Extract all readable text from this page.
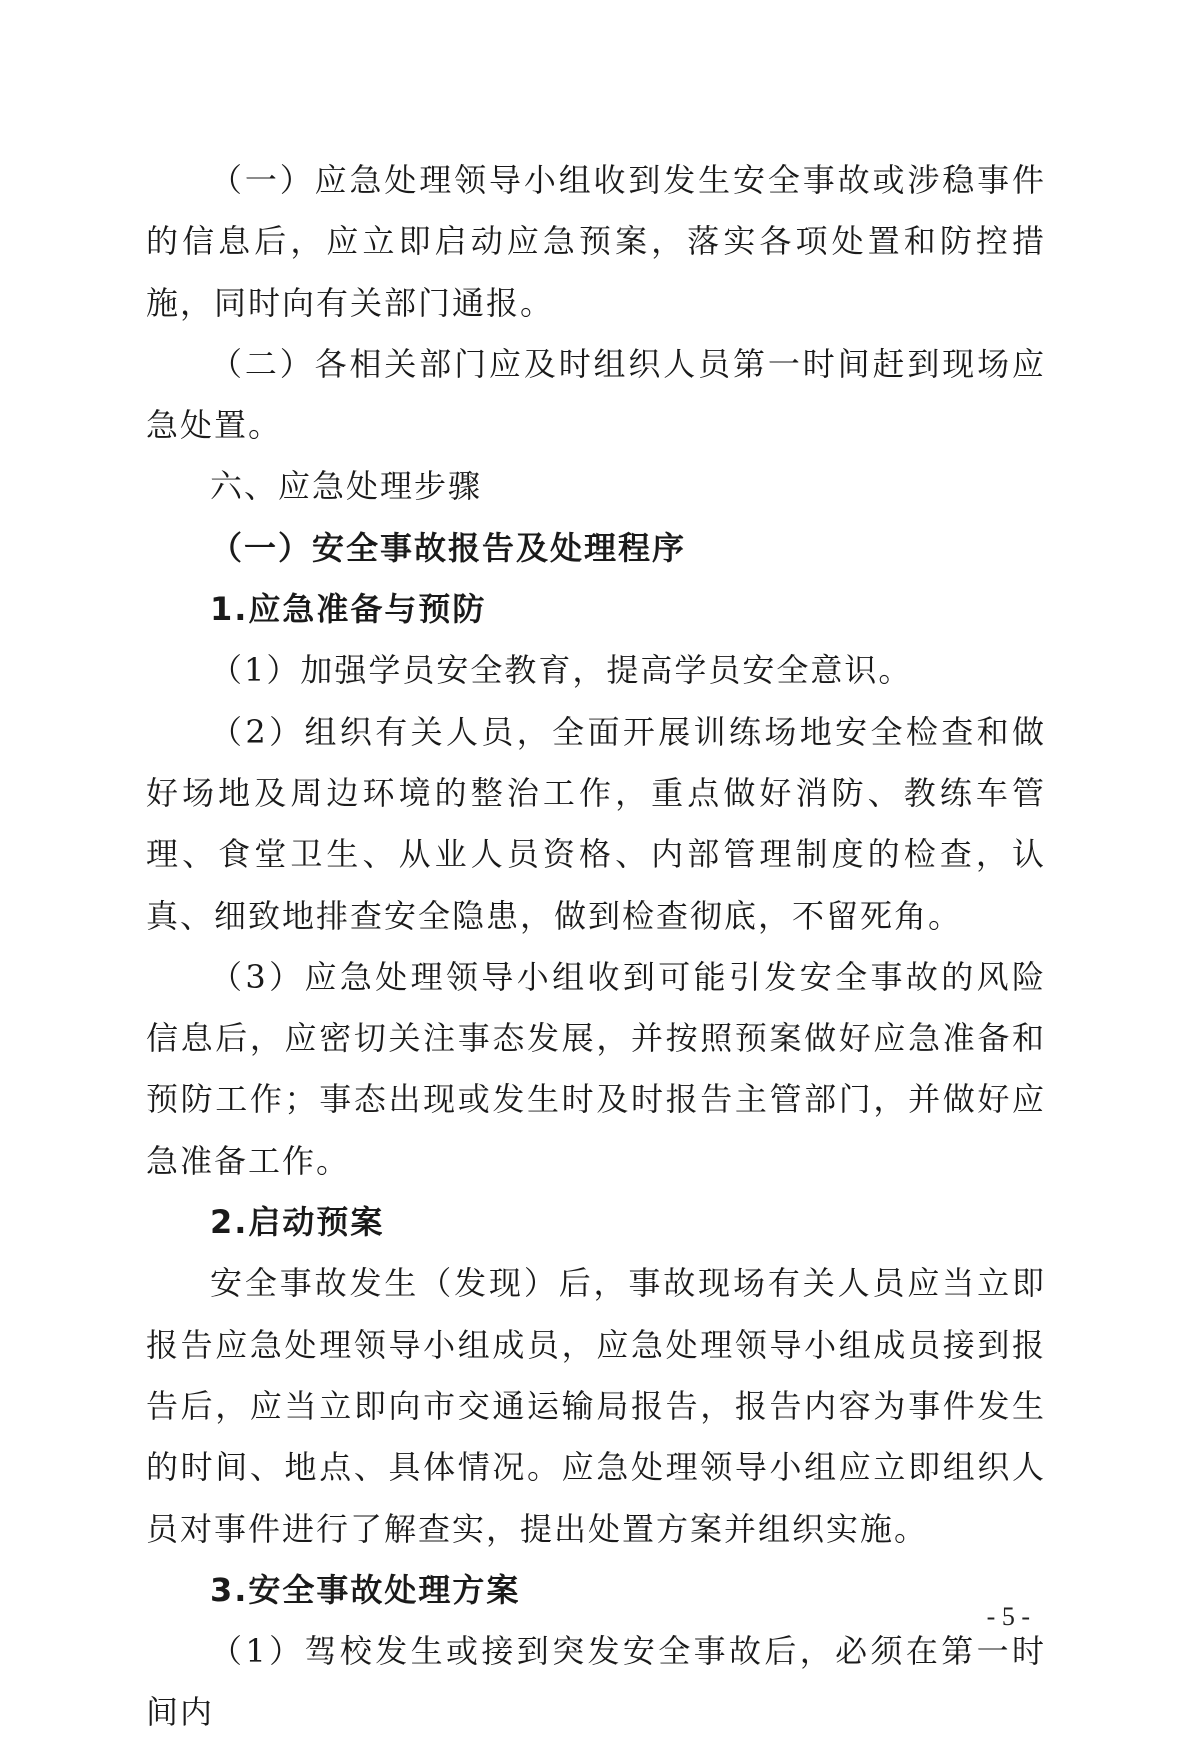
（一）应急处理领导小组收到发生安全事故或涉稳事件的信息后，应立即启动应急预案，落实各项处置和防控措施，同时向有关部门通报。

（二）各相关部门应及时组织人员第一时间赶到现场应急处置。

六、应急处理步骤

（一）安全事故报告及处理程序

1.应急准备与预防

（1）加强学员安全教育，提高学员安全意识。

（2）组织有关人员，全面开展训练场地安全检查和做好场地及周边环境的整治工作，重点做好消防、教练车管理、食堂卫生、从业人员资格、内部管理制度的检查，认真、细致地排查安全隐患，做到检查彻底，不留死角。

（3）应急处理领导小组收到可能引发安全事故的风险信息后，应密切关注事态发展，并按照预案做好应急准备和预防工作；事态出现或发生时及时报告主管部门，并做好应急准备工作。

2.启动预案

安全事故发生（发现）后，事故现场有关人员应当立即报告应急处理领导小组成员，应急处理领导小组成员接到报告后，应当立即向市交通运输局报告，报告内容为事件发生的时间、地点、具体情况。应急处理领导小组应立即组织人员对事件进行了解查实，提出处置方案并组织实施。

3.安全事故处理方案

（1）驾校发生或接到突发安全事故后，必须在第一时间内

- 5 -
